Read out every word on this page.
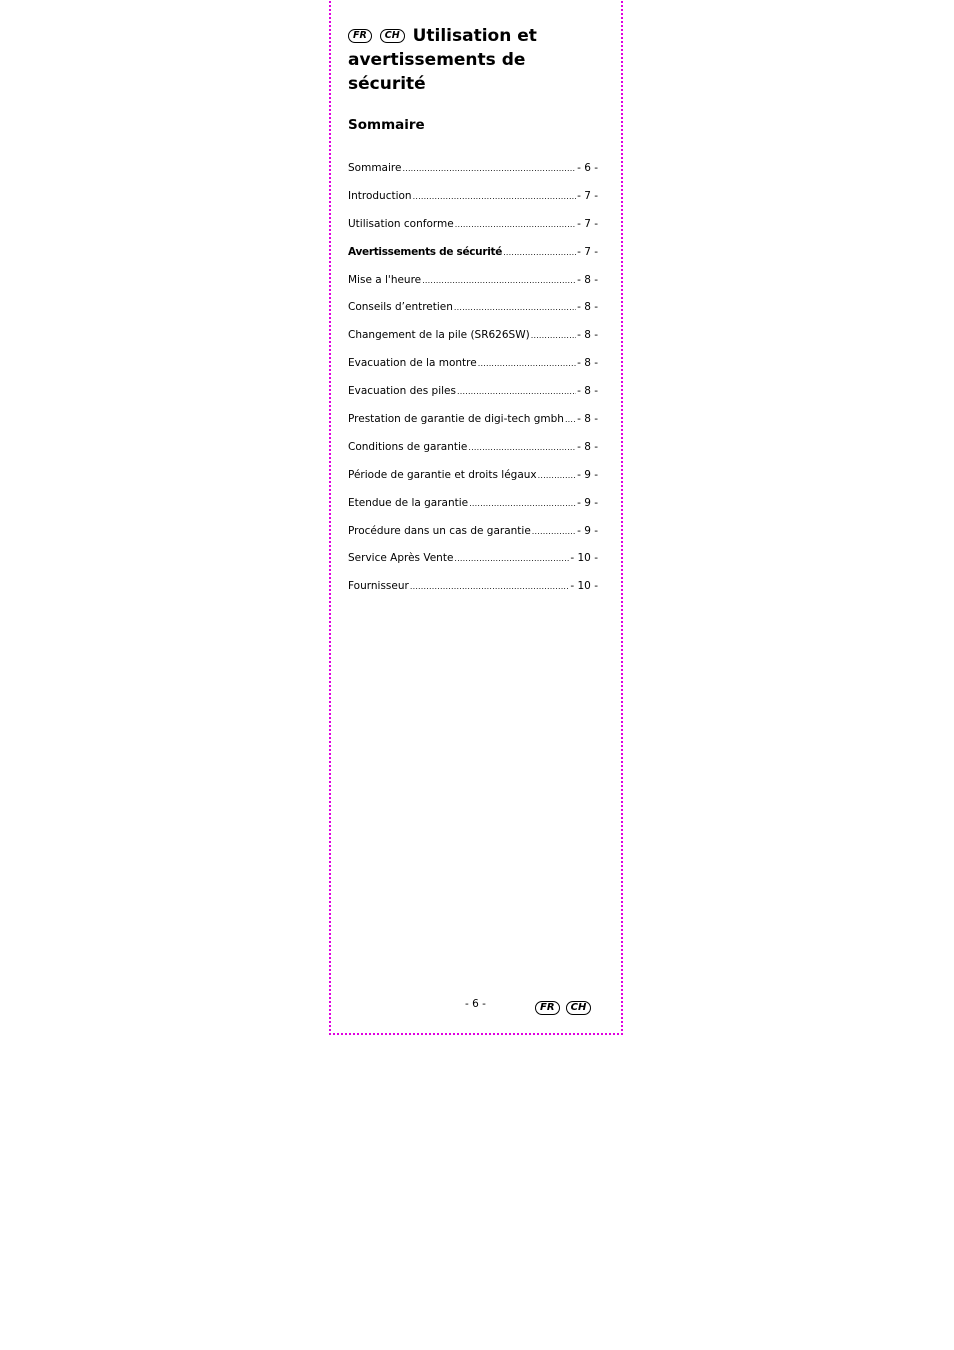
FR CH Utilisation et
avertissements de sécurité
Sommaire
Sommaire .....	- 6 -
Introduction .....	- 7 -
Utilisation conforme .....	- 7 -
Avertissements de sécurité .....	- 7 -
Mise a l'heure .....	- 8 -
Conseils d’entretien .....	- 8 -
Changement de la pile (SR626SW) .....	- 8 -
Evacuation de la montre .....	- 8 -
Evacuation des piles .....	- 8 -
Prestation de garantie de digi-tech gmbh ..... - 8 -
Conditions de garantie .....	- 8 -
Période de garantie et droits légaux .....	- 9 -
Etendue de la garantie .....	- 9 -
Procédure dans un cas de garantie .....	- 9 -
Service Après Vente .....	- 10 -
Fournisseur .....	- 10 -
- 6 -	FR CH
